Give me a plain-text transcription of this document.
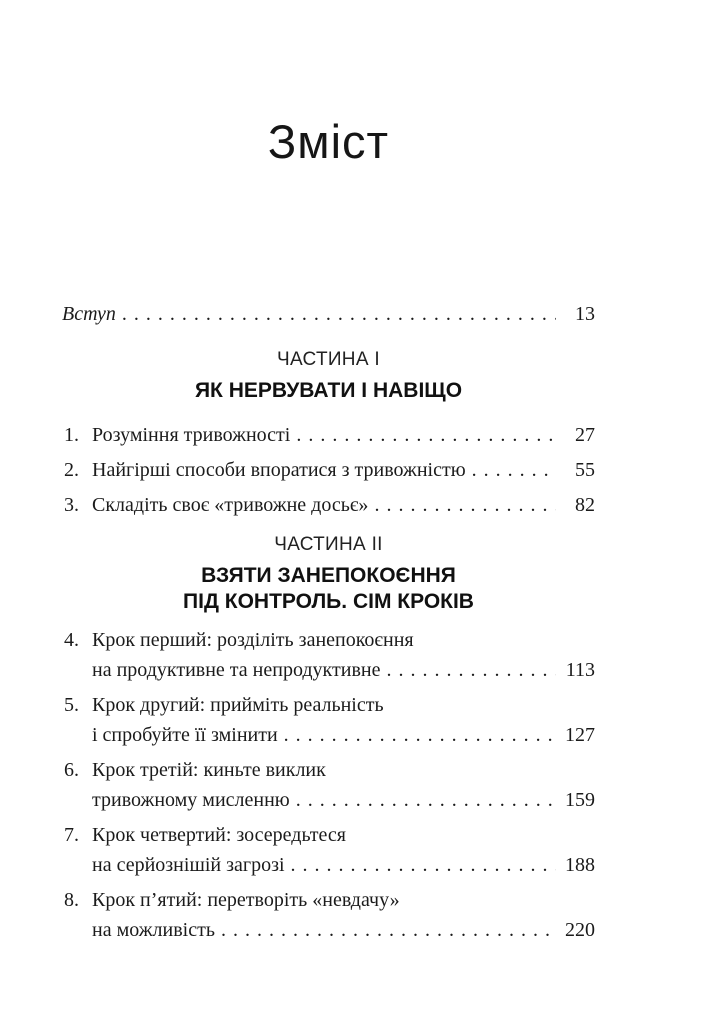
Зміст
Вступ . . .	13
ЧАСТИНА I
ЯК НЕРВУВАТИ І НАВІЩО
1. Розуміння тривожності . . .	27
2. Найгірші способи впоратися з тривожністю . . .	55
3. Складіть своє «тривожне досьє» . . .	82
ЧАСТИНА II
ВЗЯТИ ЗАНЕПОКОЄННЯ
ПІД КОНТРОЛЬ. СІМ КРОКІВ
4. Крок перший: розділіть занепокоєння
на продуктивне та непродуктивне . . .	113
5. Крок другий: прийміть реальність
і спробуйте її змінити . . .	127
6. Крок третій: киньте виклик
тривожному мисленню . . .	159
7. Крок четвертий: зосередьтеся
на серйознішій загрозі . . .	188
8. Крок п’ятий: перетворіть «невдачу»
на можливість . . .	220
